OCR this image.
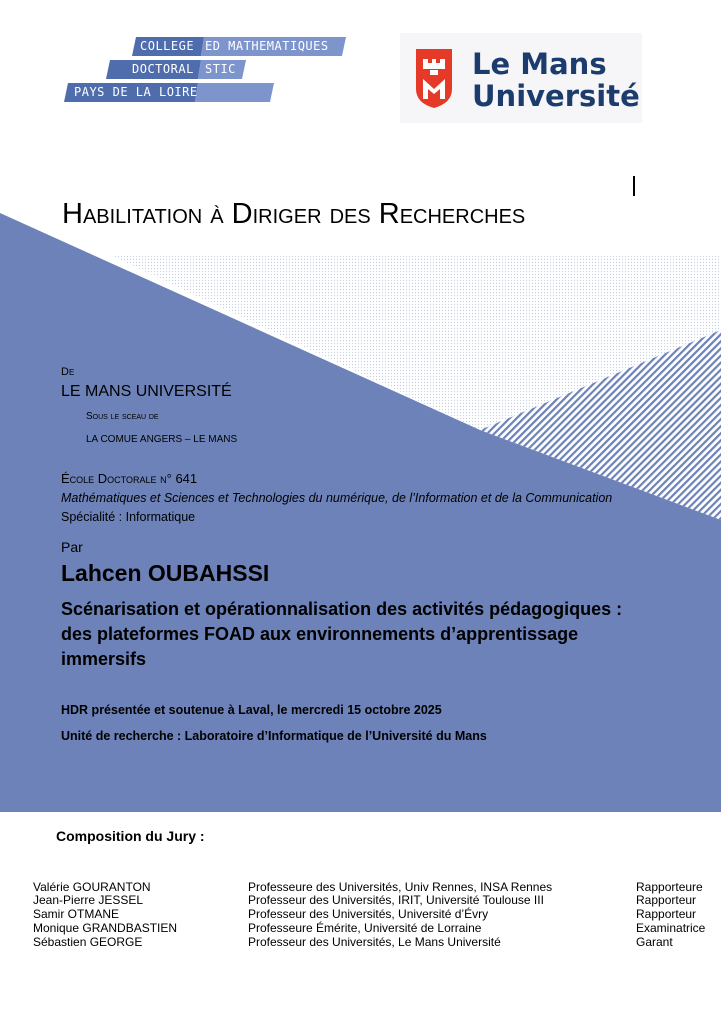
COLLEGE ED MATHEMATIQUES
DOCTORAL STIC
PAYS DE LA LOIRE
Le Mans
Université
Habilitation à Diriger des Recherches
De
LE MANS UNIVERSITÉ
Sous le sceau de
LA COMUE ANGERS – LE MANS
École Doctorale n° 641
Mathématiques et Sciences et Technologies du numérique, de l’Information et de la Communication
Spécialité : Informatique
Par
Lahcen OUBAHSSI
Scénarisation et opérationnalisation des activités pédagogiques :
des plateformes FOAD aux environnements d’apprentissage
immersifs
HDR présentée et soutenue à Laval, le mercredi 15 octobre 2025
Unité de recherche : Laboratoire d’Informatique de l’Université du Mans
Composition du Jury :
Valérie GOURANTON	Professeure des Universités, Univ Rennes, INSA Rennes	Rapporteure
Jean-Pierre JESSEL	Professeur des Universités, IRIT, Université Toulouse III	Rapporteur
Samir OTMANE	Professeur des Universités, Université d’Évry	Rapporteur
Monique GRANDBASTIEN	Professeure Émérite, Université de Lorraine	Examinatrice
Sébastien GEORGE	Professeur des Universités, Le Mans Université	Garant
